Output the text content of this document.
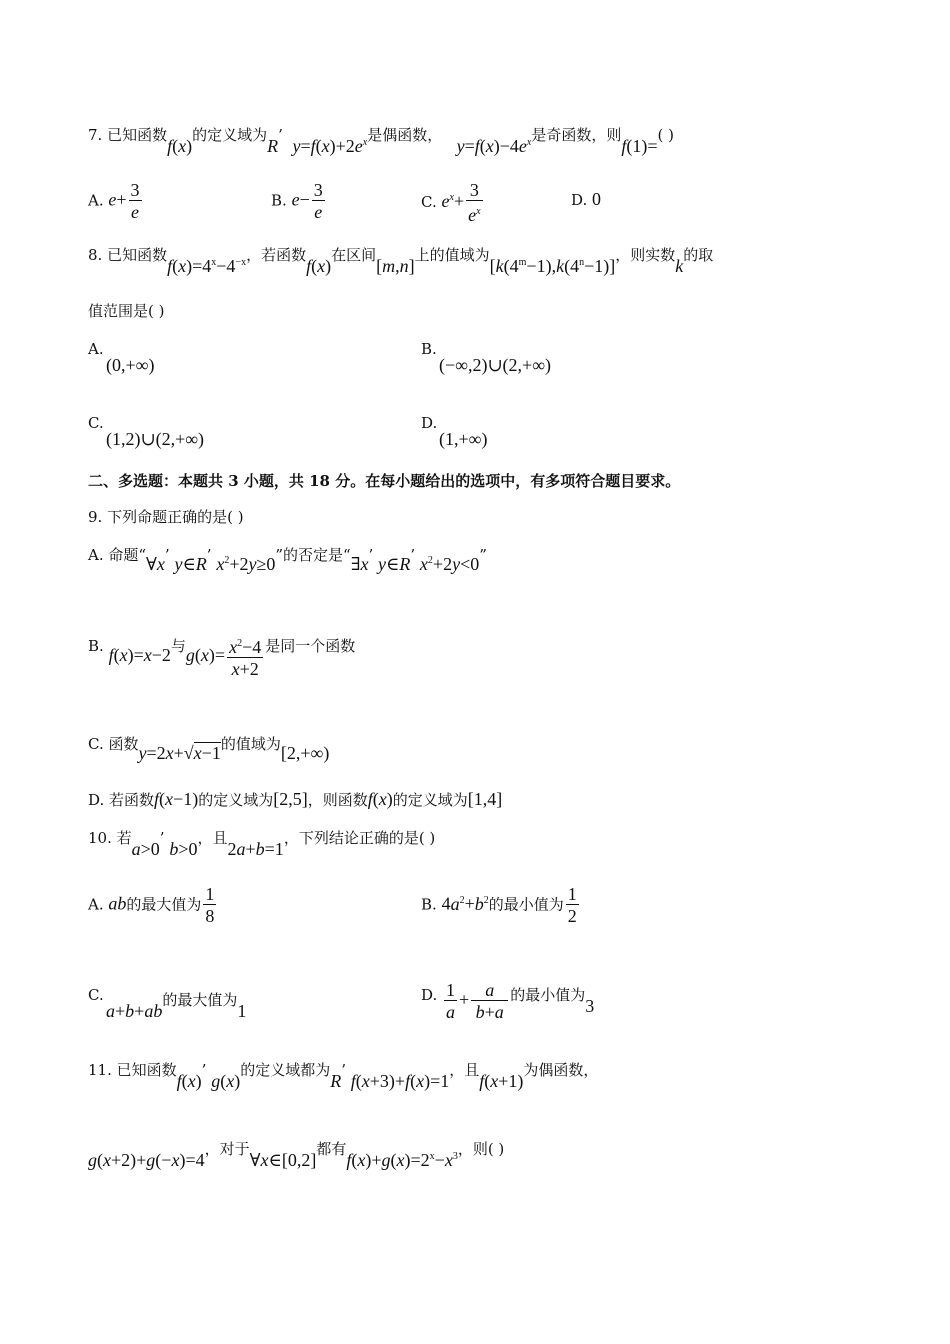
7. 已知函数f(x)的定义域为R’  $y=f(x)+2e^x$是偶函数，   $y=f(x)-4e^x$是奇函数，则f(1)=( )
A. $e+ \frac{3}{e}$	B. $e- \frac{3}{e}$	C. $e^x+ \frac{3}{e^x}$	D. 0
8. 已知函数$f(x)=4^x-4^{-x}$，若函数f(x)在区间[m,n]上的值域为$[k(4^m-1),k(4^n-1)]$，则实数k的取
值范围是( )
A.
(0,+∞)
B.
(−∞,2)∪(2,+∞)
C.
(1,2)∪(2,+∞)
D.
(1,+∞)
二、多选题：本题共 3 小题，共 18 分。在每小题给出的选项中，有多项符合题目要求。
9. 下列命题正确的是( )
A. 命题“∀x’ y∈R’ $x^2+2y\ge 0$”的否定是“∃x’ y∈R’ $x^2+2y<0$”
B. f(x)=x−2与$g(x)= \frac{x^2-4}{x+2}$ 是同一个函数
C. 函数y=2x+√x−1的值域为[2,+∞)
D. 若函数f(x−1)的定义域为[2,5]，则函数f(x)的定义域为[1,4]
10. 若a>0’ b>0，且2a+b=1，下列结论正确的是( )
A. ab的最大值为 $\frac{1}{8}$	B. $4a^2+b^2$的最小值为 $\frac{1}{2}$
C.
a+b+ab的最大值为1
D. $\frac{1}{a} + \frac{a}{b+a}$ 的最小值为3
11. 已知函数f(x)’ g(x)的定义域都为R’ f(x+3)+f(x)=1，且f(x+1)为偶函数，
g(x+2)+g(−x)=4，对于∀x∈[0,2]都有$f(x)+g(x)=2^x-x^3$，则( )
